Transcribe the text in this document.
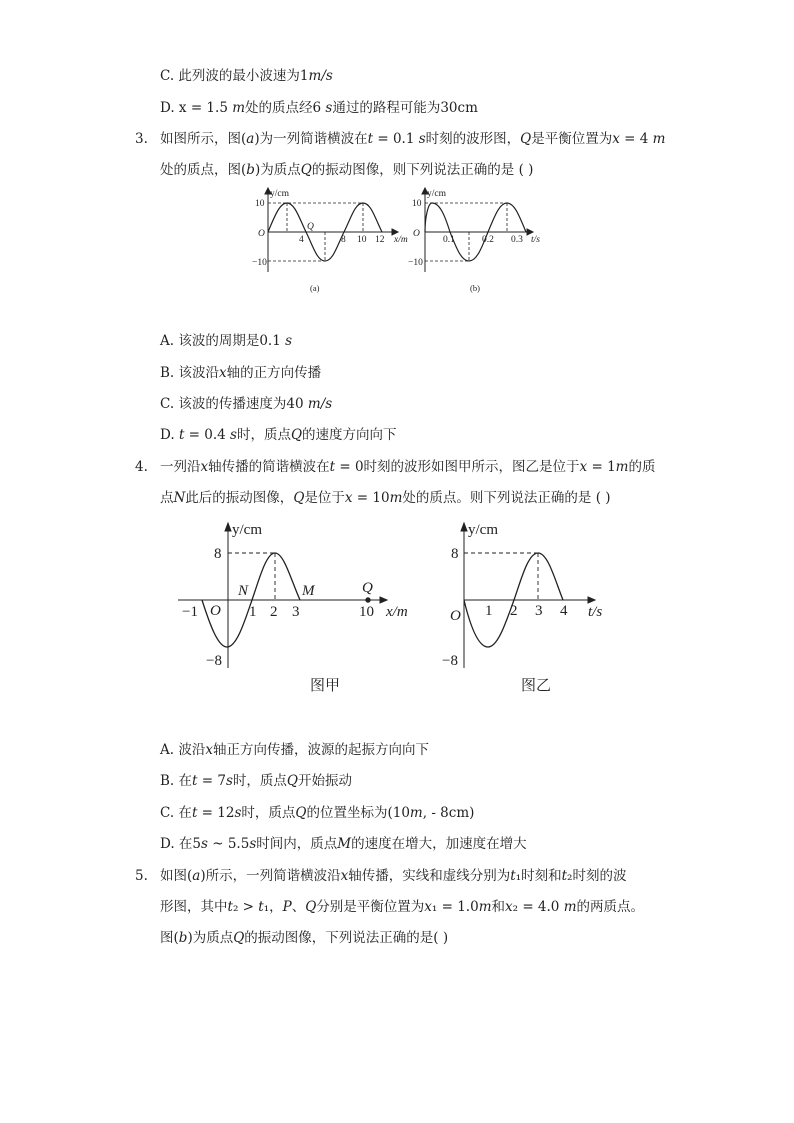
C. 此列波的最小波速为1m/s
D. x = 1.5 m处的质点经6 s通过的路程可能为30cm
3. 如图所示，图(a)为一列简谐横波在t = 0.1 s时刻的波形图，Q是平衡位置为x = 4 m
处的质点，图(b)为质点Q的振动图像，则下列说法正确的是 ( )
y/cm
x/m
10
−10
O
Q
4	8 10 12
(a)
y/cm
t/s
10
−10
O
0.1	0.2 0.3
(b)
A. 该波的周期是0.1 s
B. 该波沿x轴的正方向传播
C. 该波的传播速度为40 m/s
D. t = 0.4 s时，质点Q的速度方向向下
4. 一列沿x轴传播的简谐横波在t = 0时刻的波形如图甲所示，图乙是位于x = 1m的质
点N此后的振动图像，Q是位于x = 10m处的质点。则下列说法正确的是 ( )
y/cm
x/m
8
−8
O
N	M	Q
−1	1 2 3	10
图甲
y/cm
t/s
8
−8
O 1 2 3 4
图乙
A. 波沿x轴正方向传播，波源的起振方向向下
B. 在t = 7s时，质点Q开始振动
C. 在t = 12s时，质点Q的位置坐标为(10m, - 8cm)
D. 在5s ~ 5.5s时间内，质点M的速度在增大，加速度在增大
5. 如图(a)所示，一列简谐横波沿x轴传播，实线和虚线分别为t₁时刻和t₂时刻的波
形图，其中t₂ > t₁，P、Q分别是平衡位置为x₁ = 1.0m和x₂ = 4.0 m的两质点。
图(b)为质点Q的振动图像，下列说法正确的是( )
